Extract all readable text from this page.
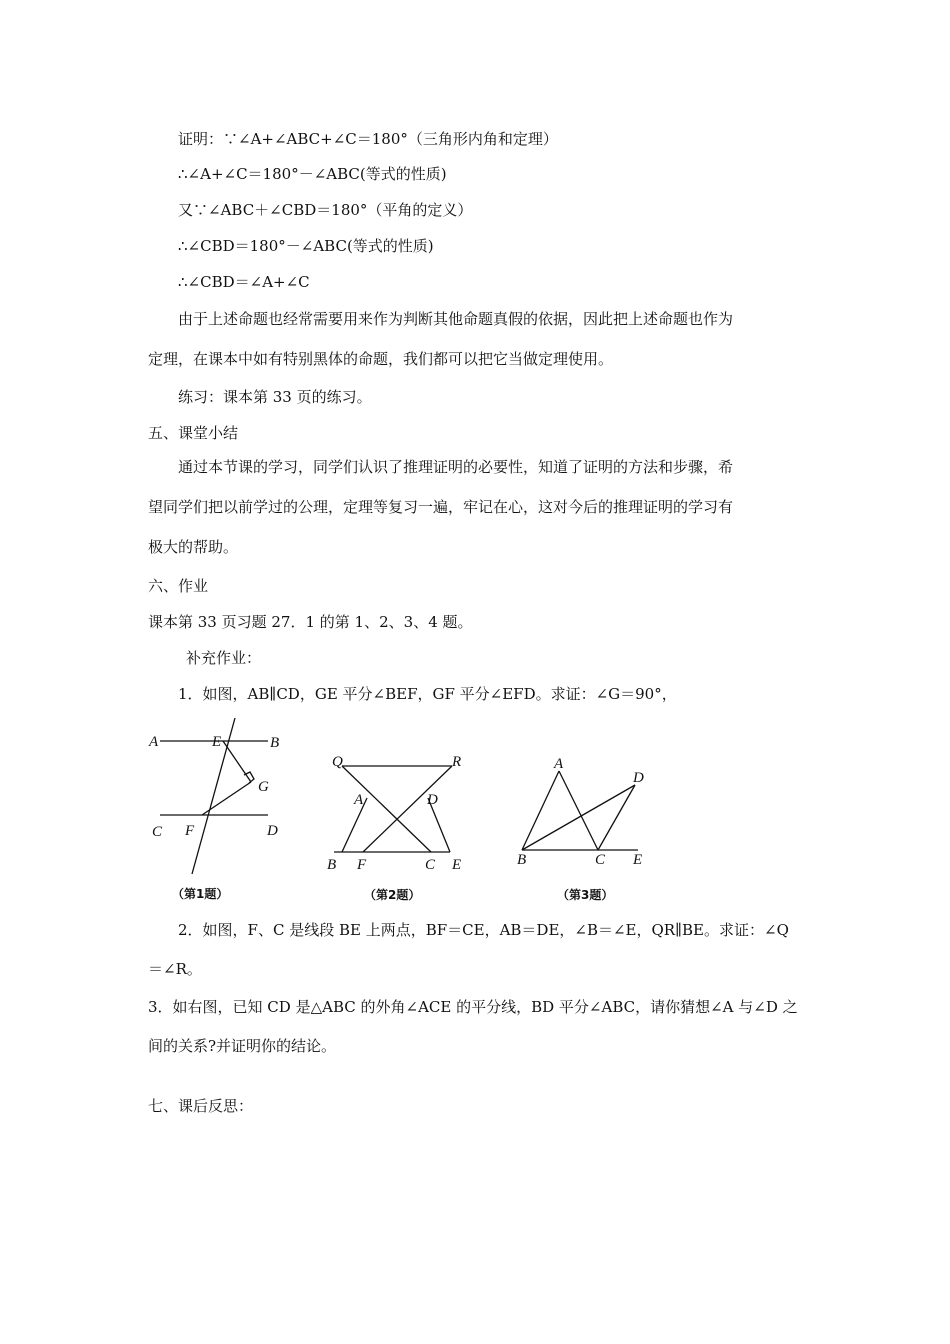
证明：∵∠A+∠ABC+∠C＝180°（三角形内角和定理）
∴∠A+∠C＝180°－∠ABC(等式的性质)
又∵∠ABC＋∠CBD＝180°（平角的定义）
∴∠CBD＝180°－∠ABC(等式的性质)
∴∠CBD＝∠A+∠C
由于上述命题也经常需要用来作为判断其他命题真假的依据，因此把上述命题也作为
定理，在课本中如有特别黑体的命题，我们都可以把它当做定理使用。
练习：课本第 33 页的练习。
五、课堂小结
通过本节课的学习，同学们认识了推理证明的必要性，知道了证明的方法和步骤，希
望同学们把以前学过的公理，定理等复习一遍，牢记在心，这对今后的推理证明的学习有
极大的帮助。
六、作业
课本第 33 页习题 27．1 的第 1、2、3、4 题。
补充作业：
1．如图，AB∥CD，GE 平分∠BEF，GF 平分∠EFD。求证：∠G＝90°，
A	E	B
G
C F	D
（第1题）
Q	R
A	D
B F	C E
（第2题）
A
D
B	C E
（第3题）
2．如图，F、C 是线段 BE 上两点，BF＝CE，AB＝DE，∠B＝∠E，QR∥BE。求证：∠Q
＝∠R。
3．如右图，已知 CD 是△ABC 的外角∠ACE 的平分线，BD 平分∠ABC，请你猜想∠A 与∠D 之
间的关系?并证明你的结论。
七、课后反思：
